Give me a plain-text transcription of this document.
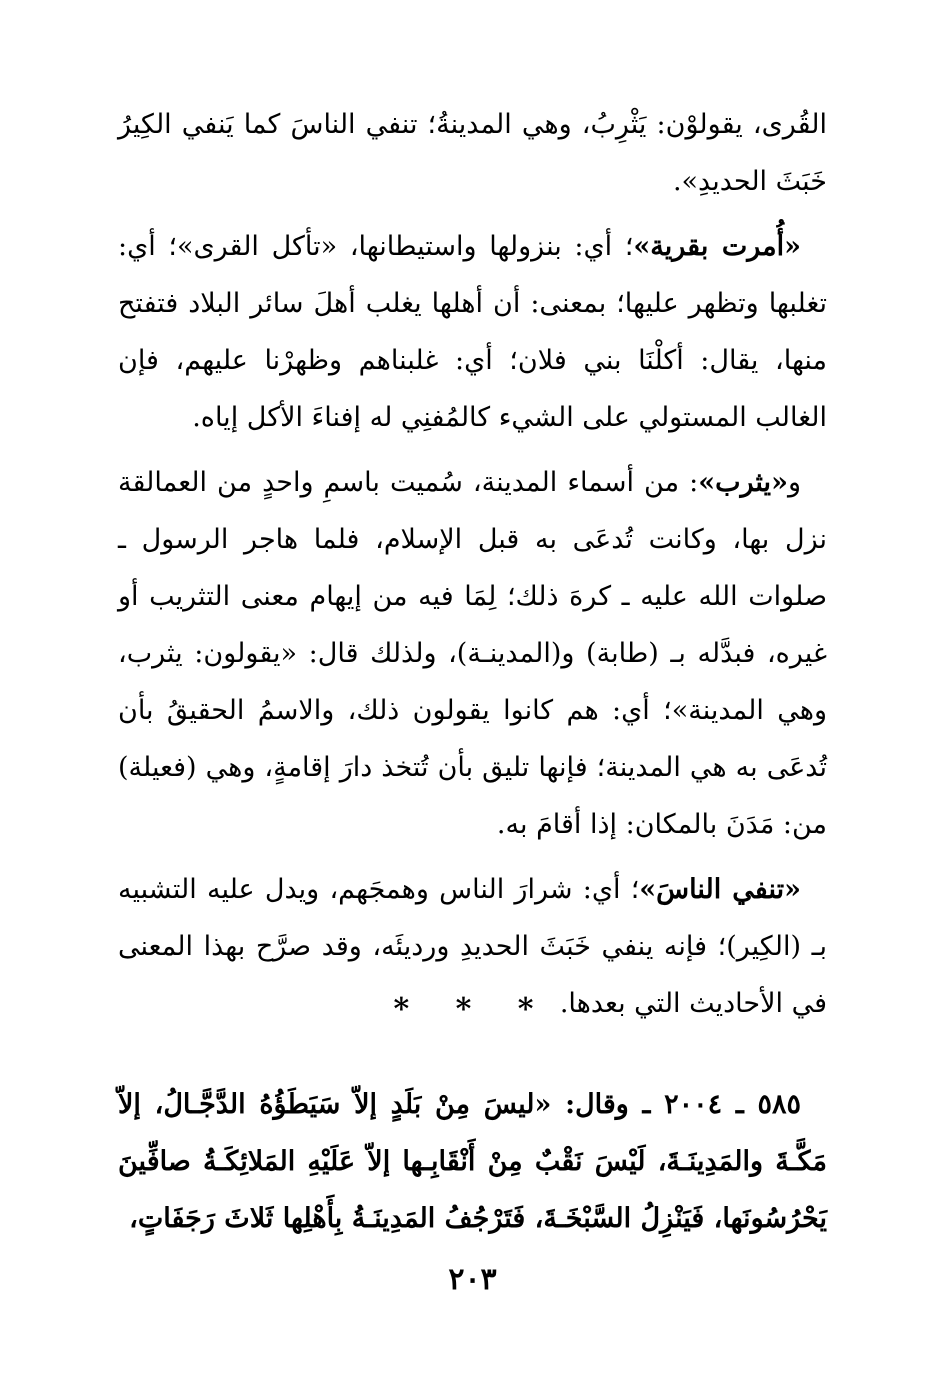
القُرى، يقولوْن: يَثْرِبُ، وهي المدينةُ؛ تنفي الناسَ كما يَنفي الكِيرُ خَبَثَ الحديدِ».

«أُمرت بقرية»؛ أي: بنزولها واستيطانها، «تأكل القرى»؛ أي: تغلبها وتظهر عليها؛ بمعنى: أن أهلها يغلب أهلَ سائر البلاد فتفتح منها، يقال: أكلْنَا بني فلان؛ أي: غلبناهم وظهرْنا عليهم، فإن الغالب المستولي على الشيء كالمُفنِي له إفناءَ الأكل إياه.

و«يثرب»: من أسماء المدينة، سُميت باسمِ واحدٍ من العمالقة نزل بها، وكانت تُدعَى به قبل الإسلام، فلما هاجر الرسول ـ صلوات الله عليه ـ كرهَ ذلك؛ لِمَا فيه من إيهام معنى التثريب أو غيره، فبدَّله بـ (طابة) و(المدينـة)، ولذلك قال: «يقولون: يثرب، وهي المدينة»؛ أي: هم كانوا يقولون ذلك، والاسمُ الحقيقُ بأن تُدعَى به هي المدينة؛ فإنها تليق بأن تُتخذ دارَ إقامةٍ، وهي (فعيلة) من: مَدَنَ بالمكان: إذا أقامَ به.

«تنفي الناسَ»؛ أي: شرارَ الناس وهمجَهم، ويدل عليه التشبيه بـ (الكِير)؛ فإنه ينفي خَبَثَ الحديدِ ورديئَه، وقد صرَّح بهذا المعنى في الأحاديث التي بعدها.

* * *
٥٨٥ ـ ٢٠٠٤ ـ وقال: «ليسَ مِنْ بَلَدٍ إلاّ سَيَطَؤُهُ الدَّجَّـالُ، إلاّ مَكَّـةَ والمَدِينَـةَ، لَيْسَ نَقْبٌ مِنْ أَنْقَابِـها إلاّ عَلَيْهِ المَلائِكَـةُ صافِّينَ يَحْرُسُونَها، فَيَنْزِلُ السَّبْخَـةَ، فَتَرْجُفُ المَدِينَـةُ بِأَهْلِها ثَلاثَ رَجَفَاتٍ،
٢٠٣
